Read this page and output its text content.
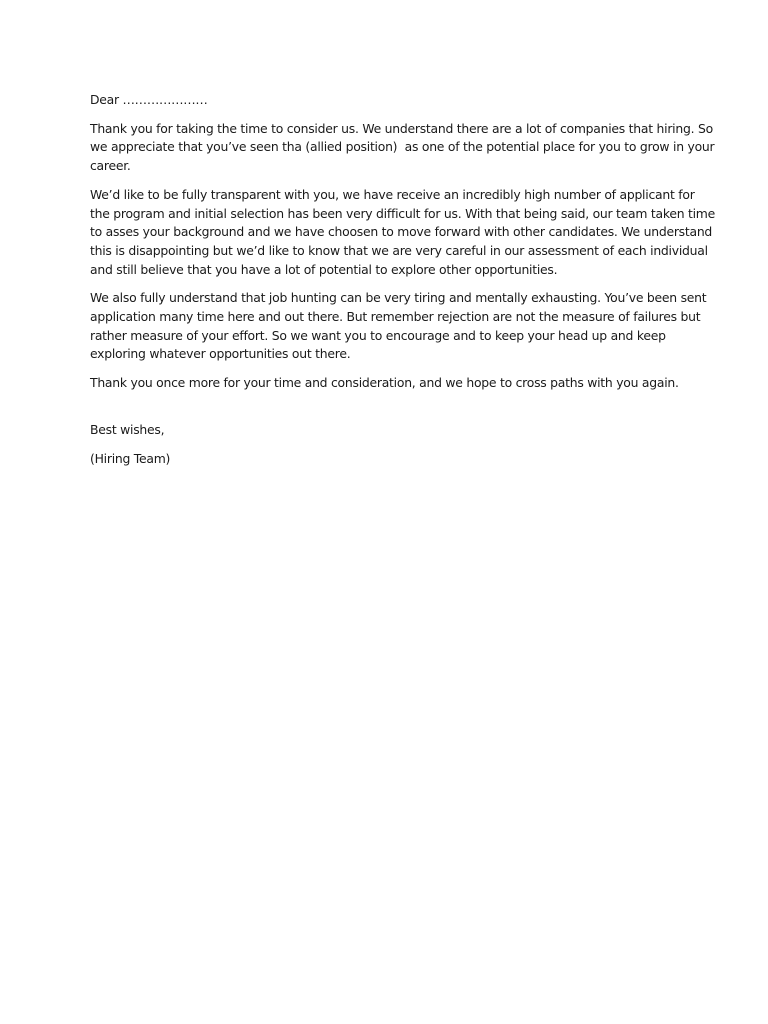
Dear …………………
Thank you for taking the time to consider us. We understand there are a lot of companies that hiring. So
we appreciate that you’ve seen tha (allied position)  as one of the potential place for you to grow in your
career.
We’d like to be fully transparent with you, we have receive an incredibly high number of applicant for
the program and initial selection has been very difficult for us. With that being said, our team taken time
to asses your background and we have choosen to move forward with other candidates. We understand
this is disappointing but we’d like to know that we are very careful in our assessment of each individual
and still believe that you have a lot of potential to explore other opportunities.
We also fully understand that job hunting can be very tiring and mentally exhausting. You’ve been sent
application many time here and out there. But remember rejection are not the measure of failures but
rather measure of your effort. So we want you to encourage and to keep your head up and keep
exploring whatever opportunities out there.
Thank you once more for your time and consideration, and we hope to cross paths with you again.
Best wishes,
(Hiring Team)
